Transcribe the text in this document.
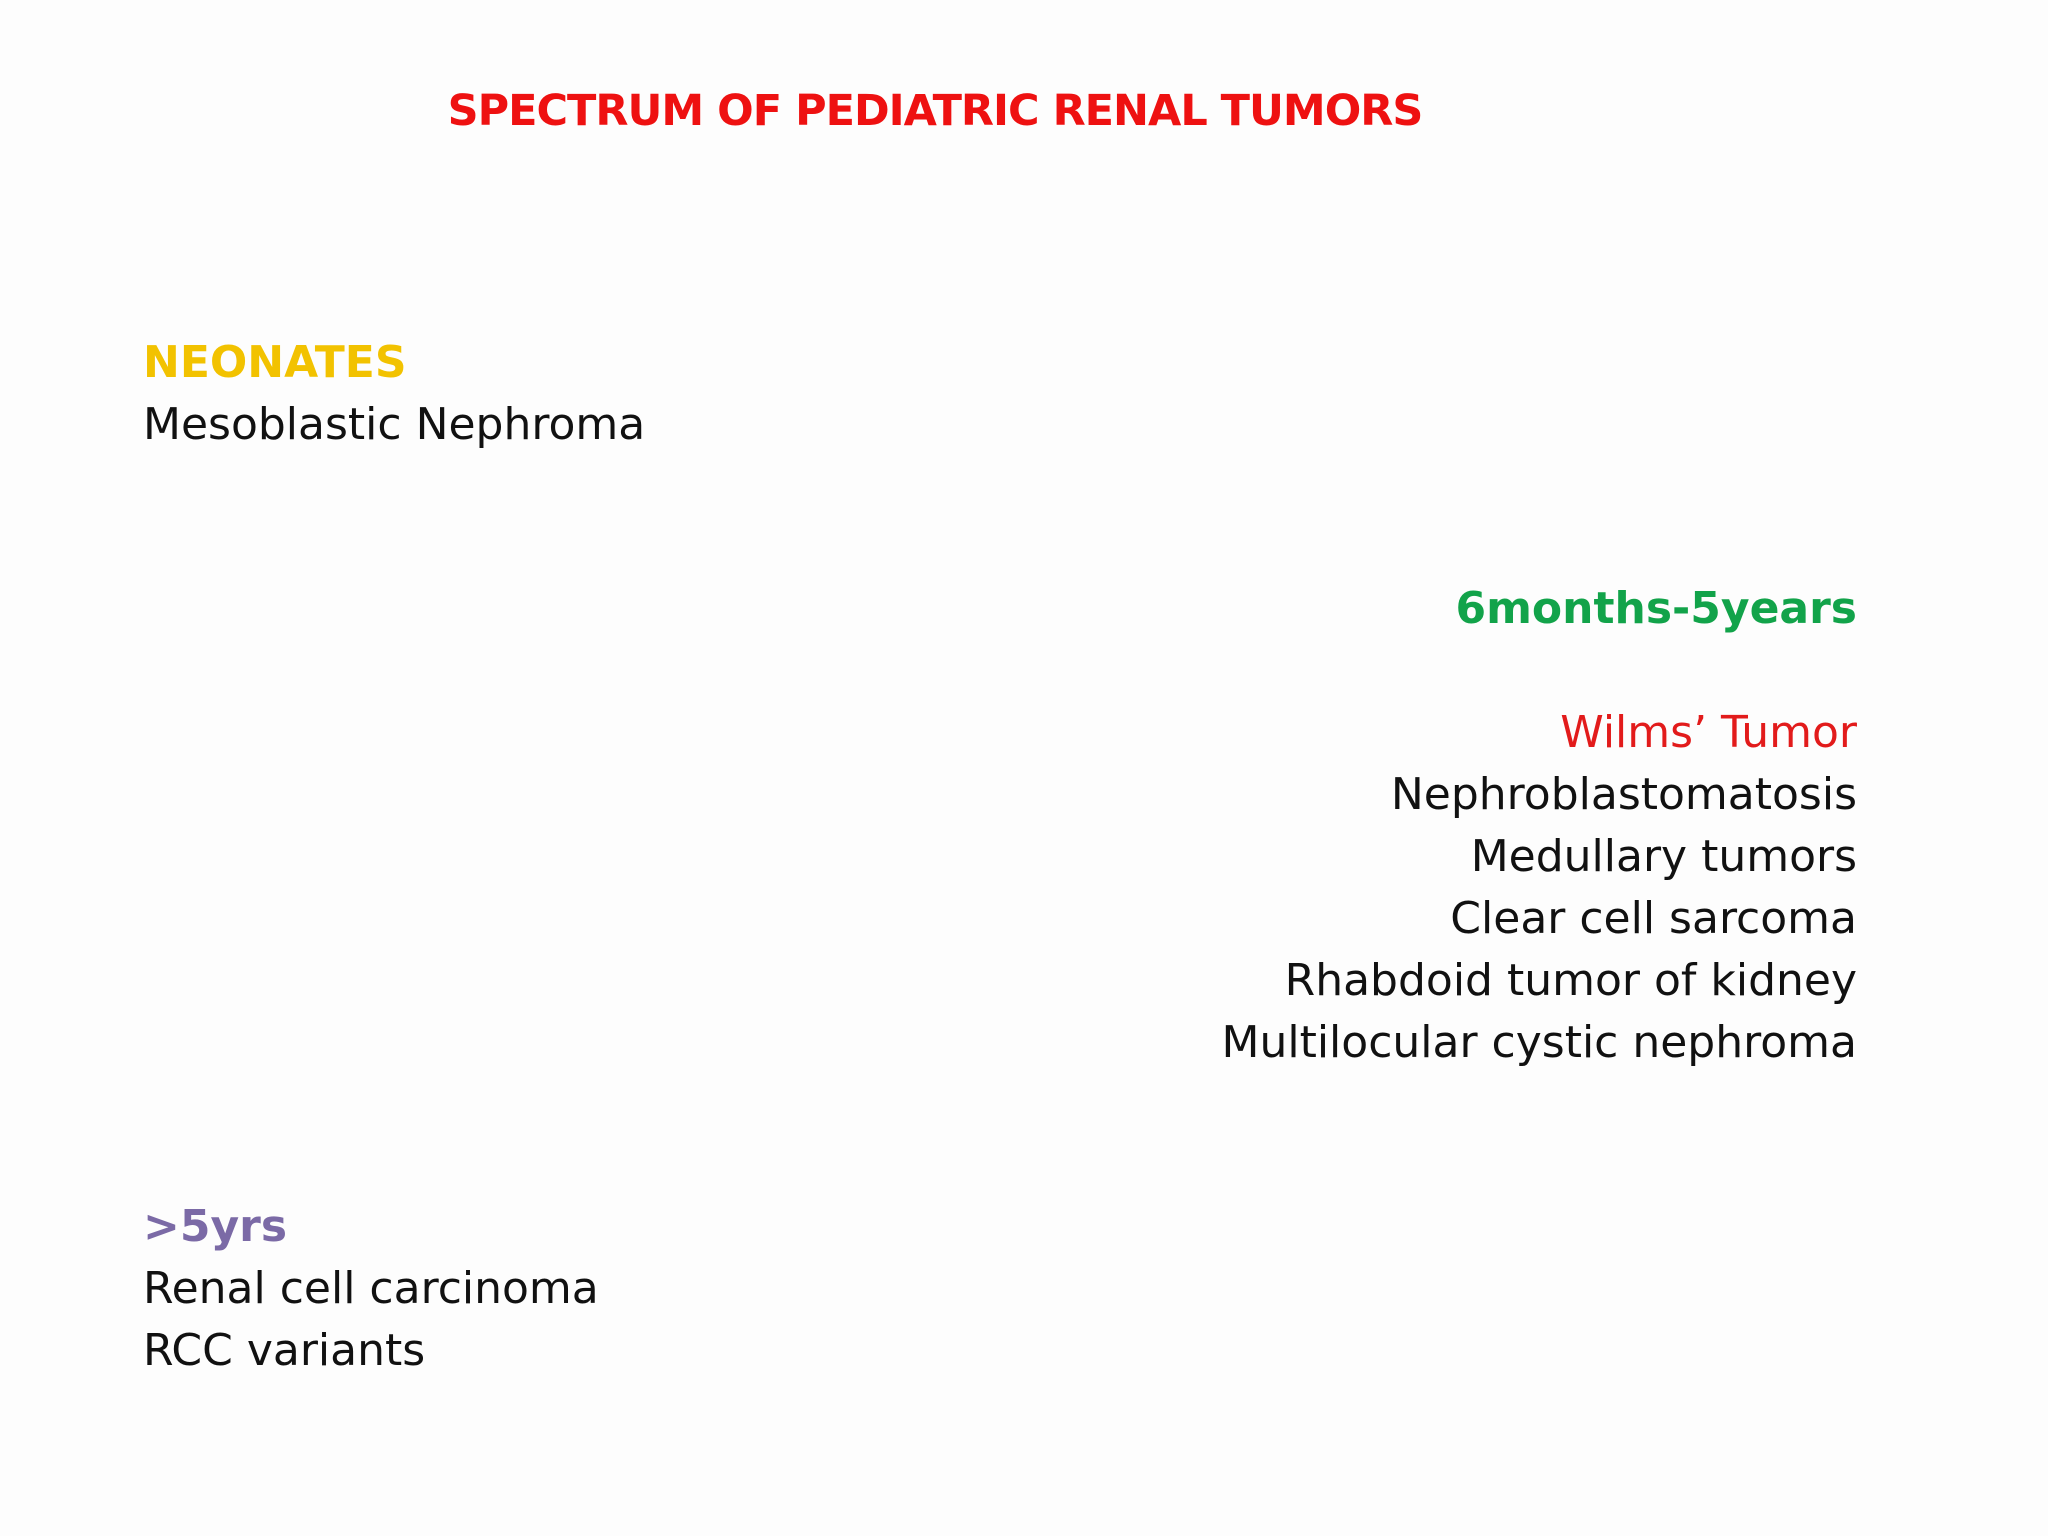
SPECTRUM OF PEDIATRIC RENAL TUMORS
NEONATES
Mesoblastic Nephroma
6months-5years
Wilms’ Tumor
Nephroblastomatosis
Medullary tumors
Clear cell sarcoma
Rhabdoid tumor of kidney
Multilocular cystic nephroma
>5yrs
Renal cell carcinoma
RCC variants
